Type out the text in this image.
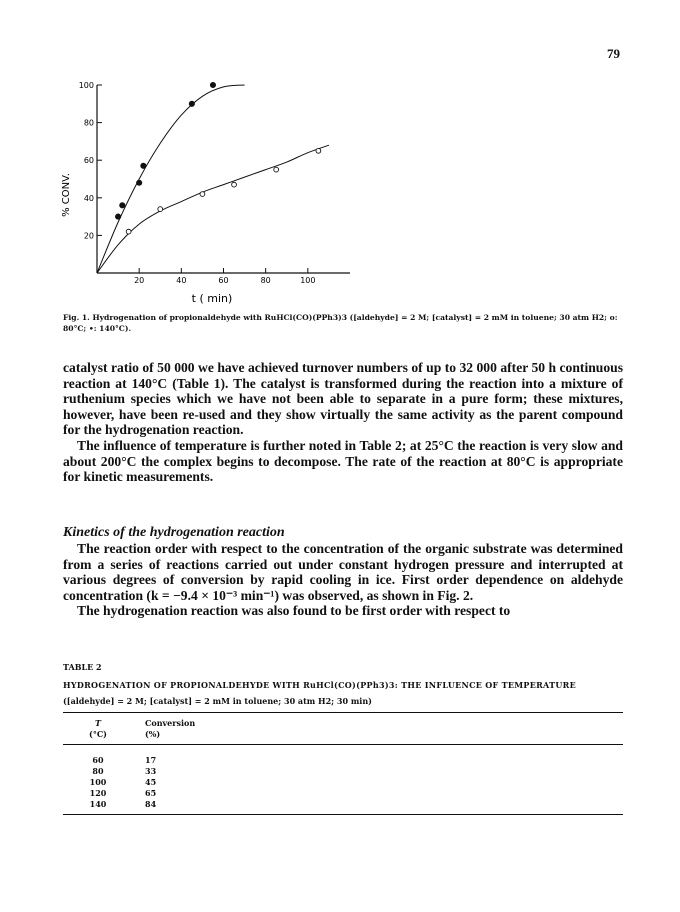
79
20	40	60	80	100
20
40
60
80
100
% CONV.
t ( min)
Fig. 1. Hydrogenation of propionaldehyde with RuHCl(CO)(PPh3)3 ([aldehyde] = 2 M; [catalyst] = 2 mM in toluene; 30 atm H2; o: 80°C; •: 140°C).

catalyst ratio of 50 000 we have achieved turnover numbers of up to 32 000 after 50 h continuous reaction at 140°C (Table 1). The catalyst is transformed during the reaction into a mixture of ruthenium species which we have not been able to separate in a pure form; these mixtures, however, have been re-used and they show virtually the same activity as the parent compound for the hydrogenation reaction.

The influence of temperature is further noted in Table 2; at 25°C the reaction is very slow and about 200°C the complex begins to decompose. The rate of the reaction at 80°C is appropriate for kinetic measurements.

Kinetics of the hydrogenation reaction

The reaction order with respect to the concentration of the organic substrate was determined from a series of reactions carried out under constant hydrogen pressure and interrupted at various degrees of conversion by rapid cooling in ice. First order dependence on aldehyde concentration (k = −9.4 × 10⁻³ min⁻¹) was observed, as shown in Fig. 2.

The hydrogenation reaction was also found to be first order with respect to

TABLE 2
HYDROGENATION OF PROPIONALDEHYDE WITH RuHCl(CO)(PPh3)3: THE INFLUENCE OF TEMPERATURE
([aldehyde] = 2 M; [catalyst] = 2 mM in toluene; 30 atm H2; 30 min)
T	Conversion
(°C)	(%)
60	17
80	33
100	45
120	65
140	84
